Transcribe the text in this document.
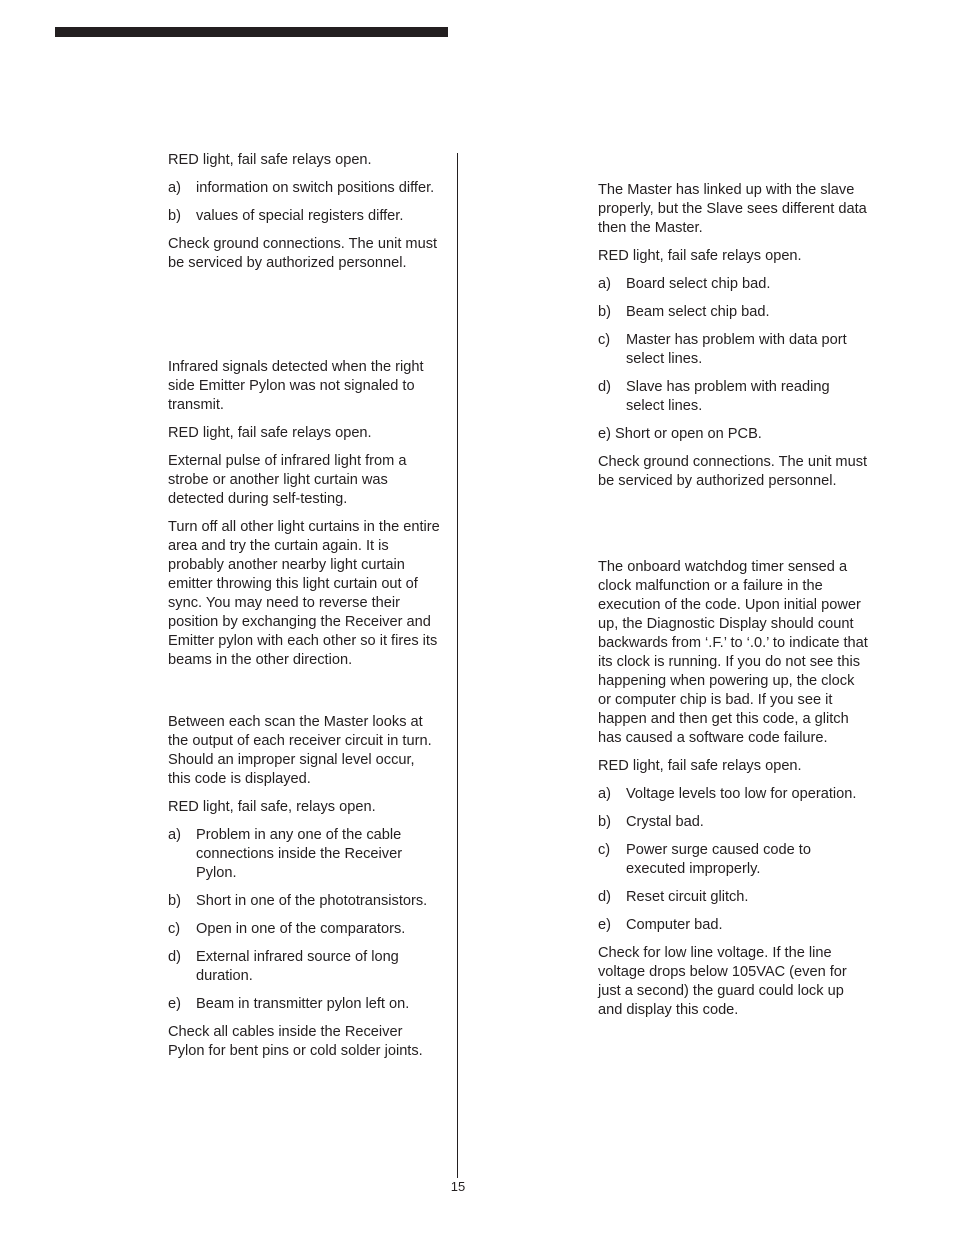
RED light, fail safe relays open.

a) information on switch positions differ.
b) values of special registers differ.

Check ground connections. The unit must be serviced by authorized personnel.

Infrared signals detected when the right side Emitter Pylon was not signaled to transmit.

RED light, fail safe relays open.

External pulse of infrared light from a strobe or another light curtain was detected during self-testing.

Turn off all other light curtains in the entire area and try the curtain again. It is probably another nearby light curtain emitter throwing this light curtain out of sync. You may need to reverse their position by exchanging the Receiver and Emitter pylon with each other so it fires its beams in the other direction.

Between each scan the Master looks at the output of each receiver circuit in turn. Should an improper signal level occur, this code is displayed.

RED light, fail safe, relays open.

a) Problem in any one of the cable connections inside the Receiver Pylon.
b) Short in one of the phototransistors.
c) Open in one of the comparators.
d) External infrared source of long duration.
e) Beam in transmitter pylon left on.

Check all cables inside the Receiver Pylon for bent pins or cold solder joints.

The Master has linked up with the slave properly, but the Slave sees different data then the Master.

RED light, fail safe relays open.

a) Board select chip bad.
b) Beam select chip bad.
c) Master has problem with data port select lines.
d) Slave has problem with reading select lines.

e) Short or open on PCB.

Check ground connections. The unit must be serviced by authorized personnel.

The onboard watchdog timer sensed a clock malfunction or a failure in the execution of the code. Upon initial power up, the Diagnostic Display should count backwards from ‘.F.’ to ‘.0.’ to indicate that its clock is running. If you do not see this happening when powering up, the clock or computer chip is bad. If you see it happen and then get this code, a glitch has caused a software code failure.

RED light, fail safe relays open.

a) Voltage levels too low for operation.
b) Crystal bad.
c) Power surge caused code to executed improperly.
d) Reset circuit glitch.
e) Computer bad.

Check for low line voltage. If the line voltage drops below 105VAC (even for just a second) the guard could lock up and display this code.

15
